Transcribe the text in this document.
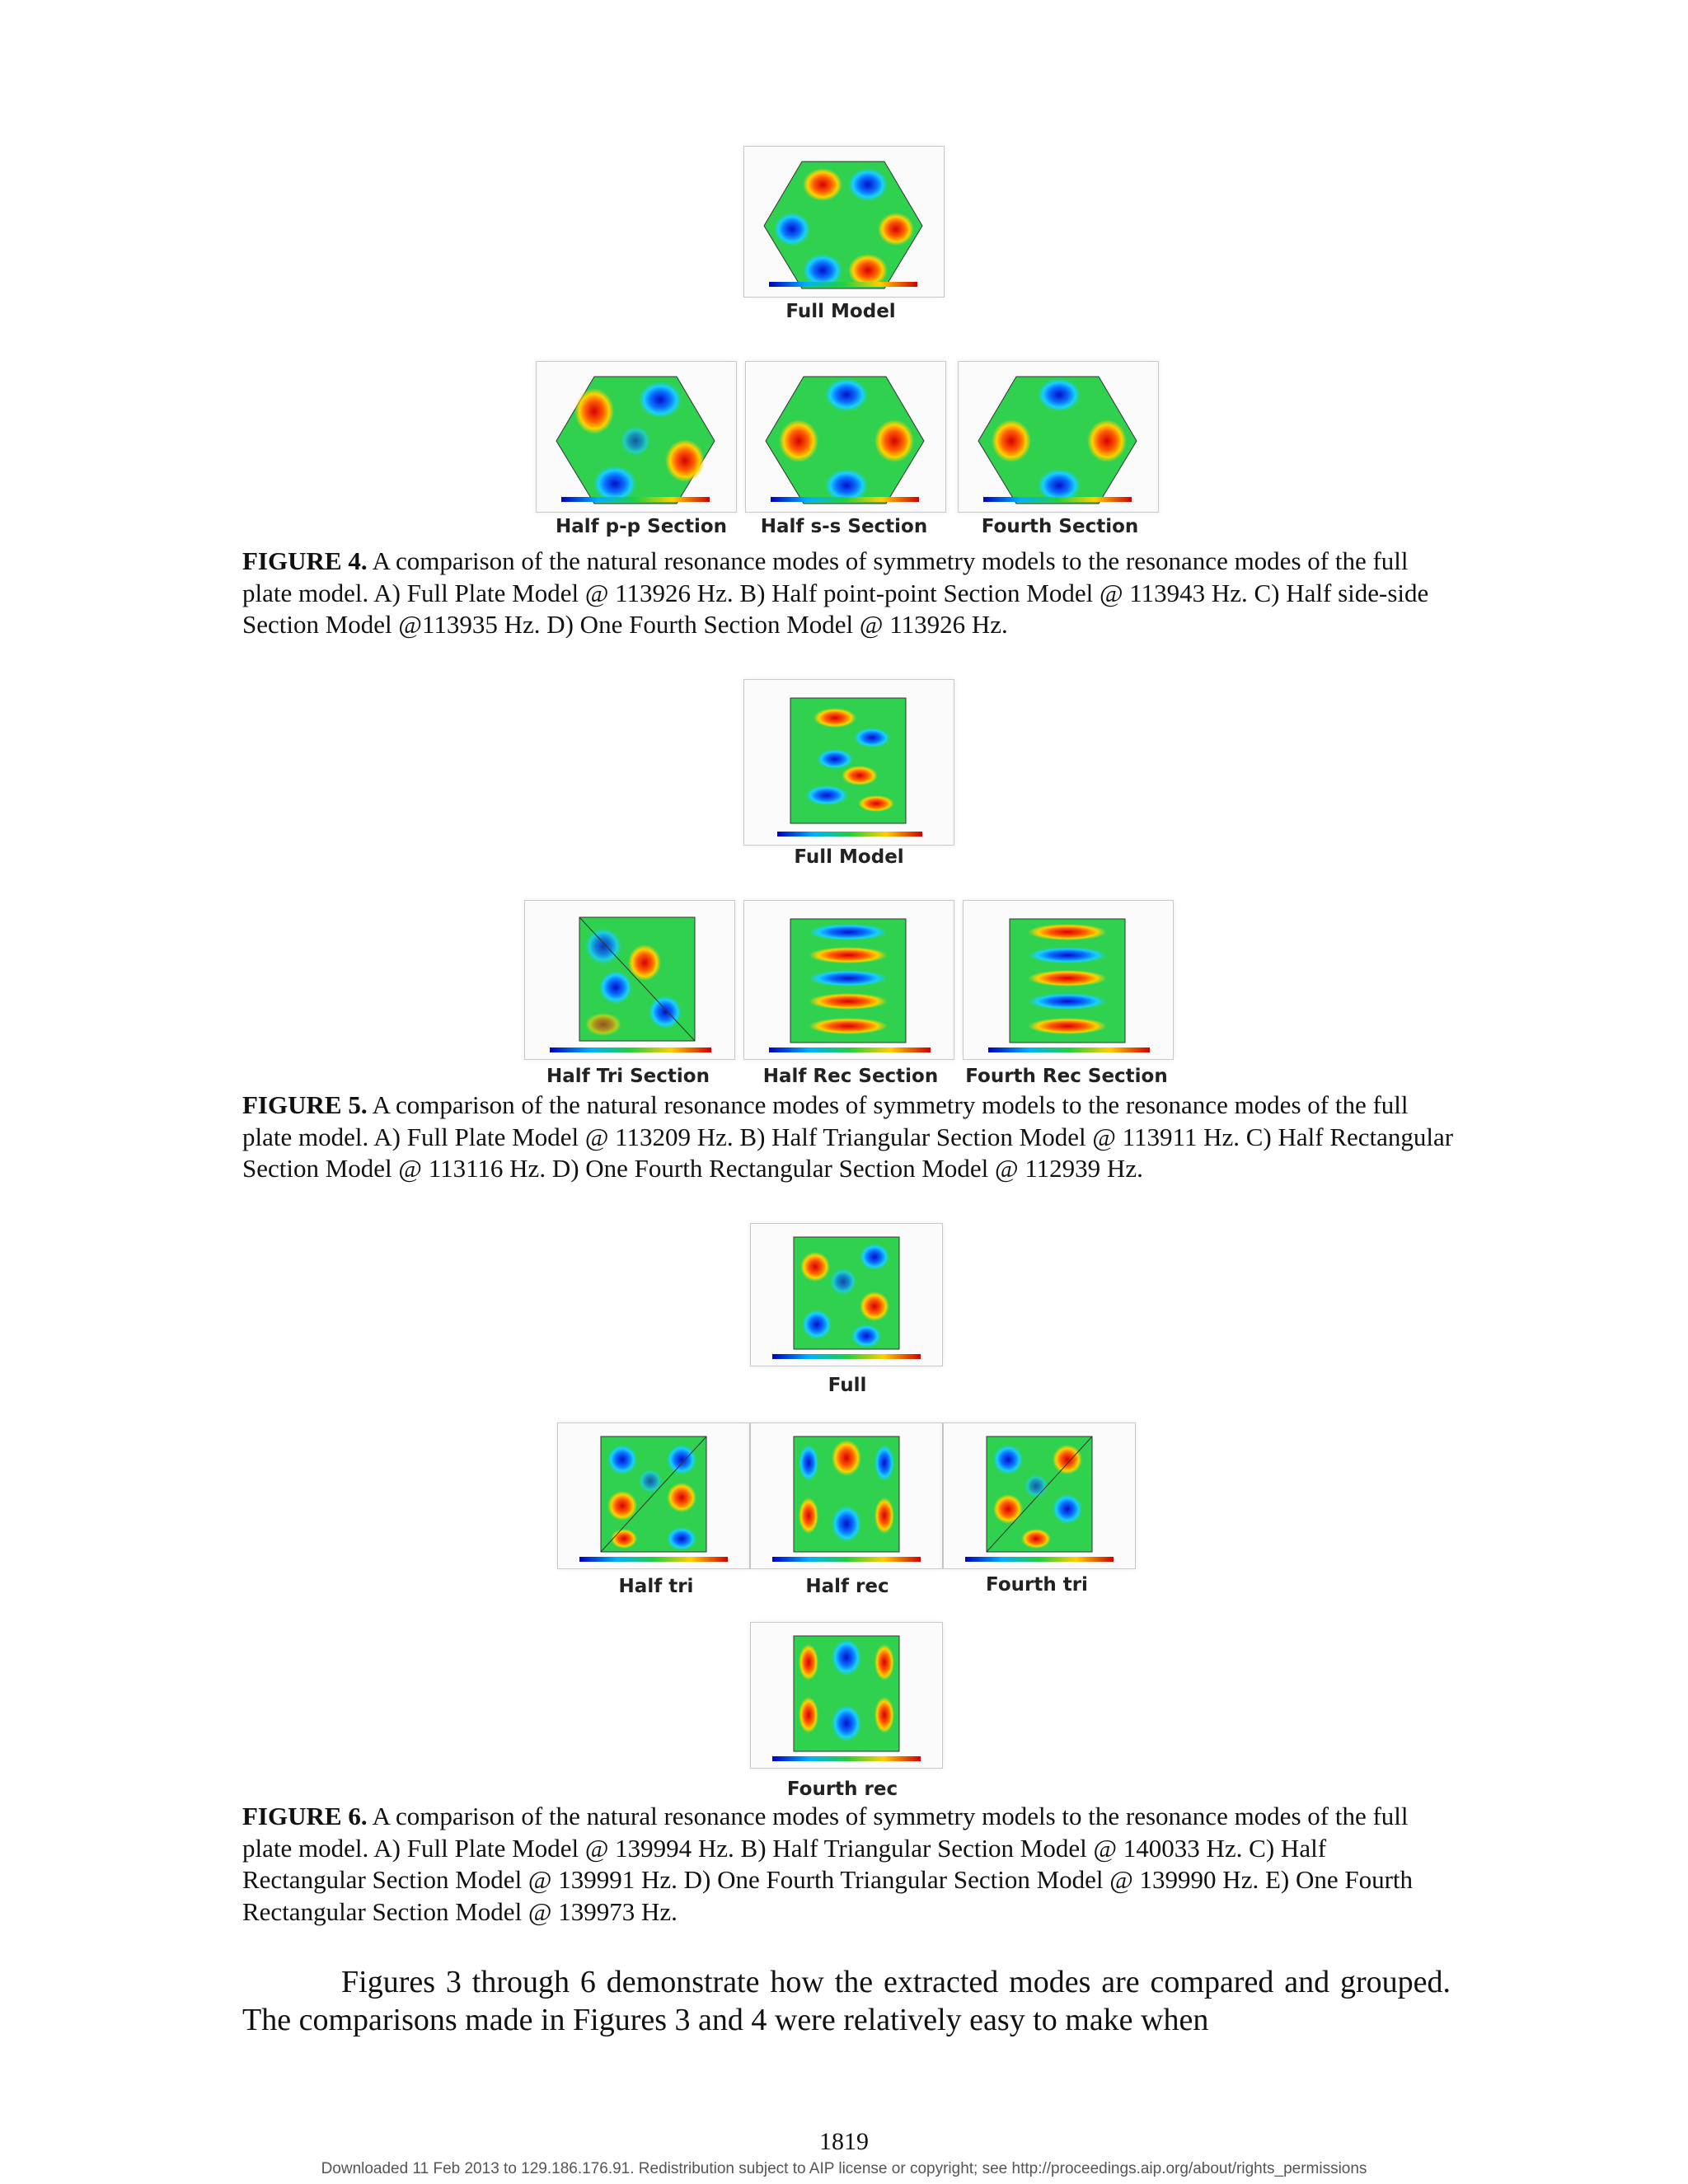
Full Model
Half p-p Section Half s-s Section	Fourth Section
FIGURE 4. A comparison of the natural resonance modes of symmetry models to the resonance modes of the full plate model. A) Full Plate Model @ 113926 Hz. B) Half point-point Section Model @ 113943 Hz. C) Half side-side Section Model @113935 Hz. D) One Fourth Section Model @ 113926 Hz.
Full Model
Half Tri Section	Half Rec Section Fourth Rec Section
FIGURE 5. A comparison of the natural resonance modes of symmetry models to the resonance modes of the full plate model. A) Full Plate Model @ 113209 Hz. B) Half Triangular Section Model @ 113911 Hz. C) Half Rectangular Section Model @ 113116 Hz. D) One Fourth Rectangular Section Model @ 112939 Hz.
Full
Half tri	Half rec	Fourth tri
Fourth rec
FIGURE 6. A comparison of the natural resonance modes of symmetry models to the resonance modes of the full plate model. A) Full Plate Model @ 139994 Hz. B) Half Triangular Section Model @ 140033 Hz. C) Half Rectangular Section Model @ 139991 Hz. D) One Fourth Triangular Section Model @ 139990 Hz. E) One Fourth Rectangular Section Model @ 139973 Hz.
Figures 3 through 6 demonstrate how the extracted modes are compared and grouped. The comparisons made in Figures 3 and 4 were relatively easy to make when
1819
Downloaded 11 Feb 2013 to 129.186.176.91. Redistribution subject to AIP license or copyright; see http://proceedings.aip.org/about/rights_permissions
